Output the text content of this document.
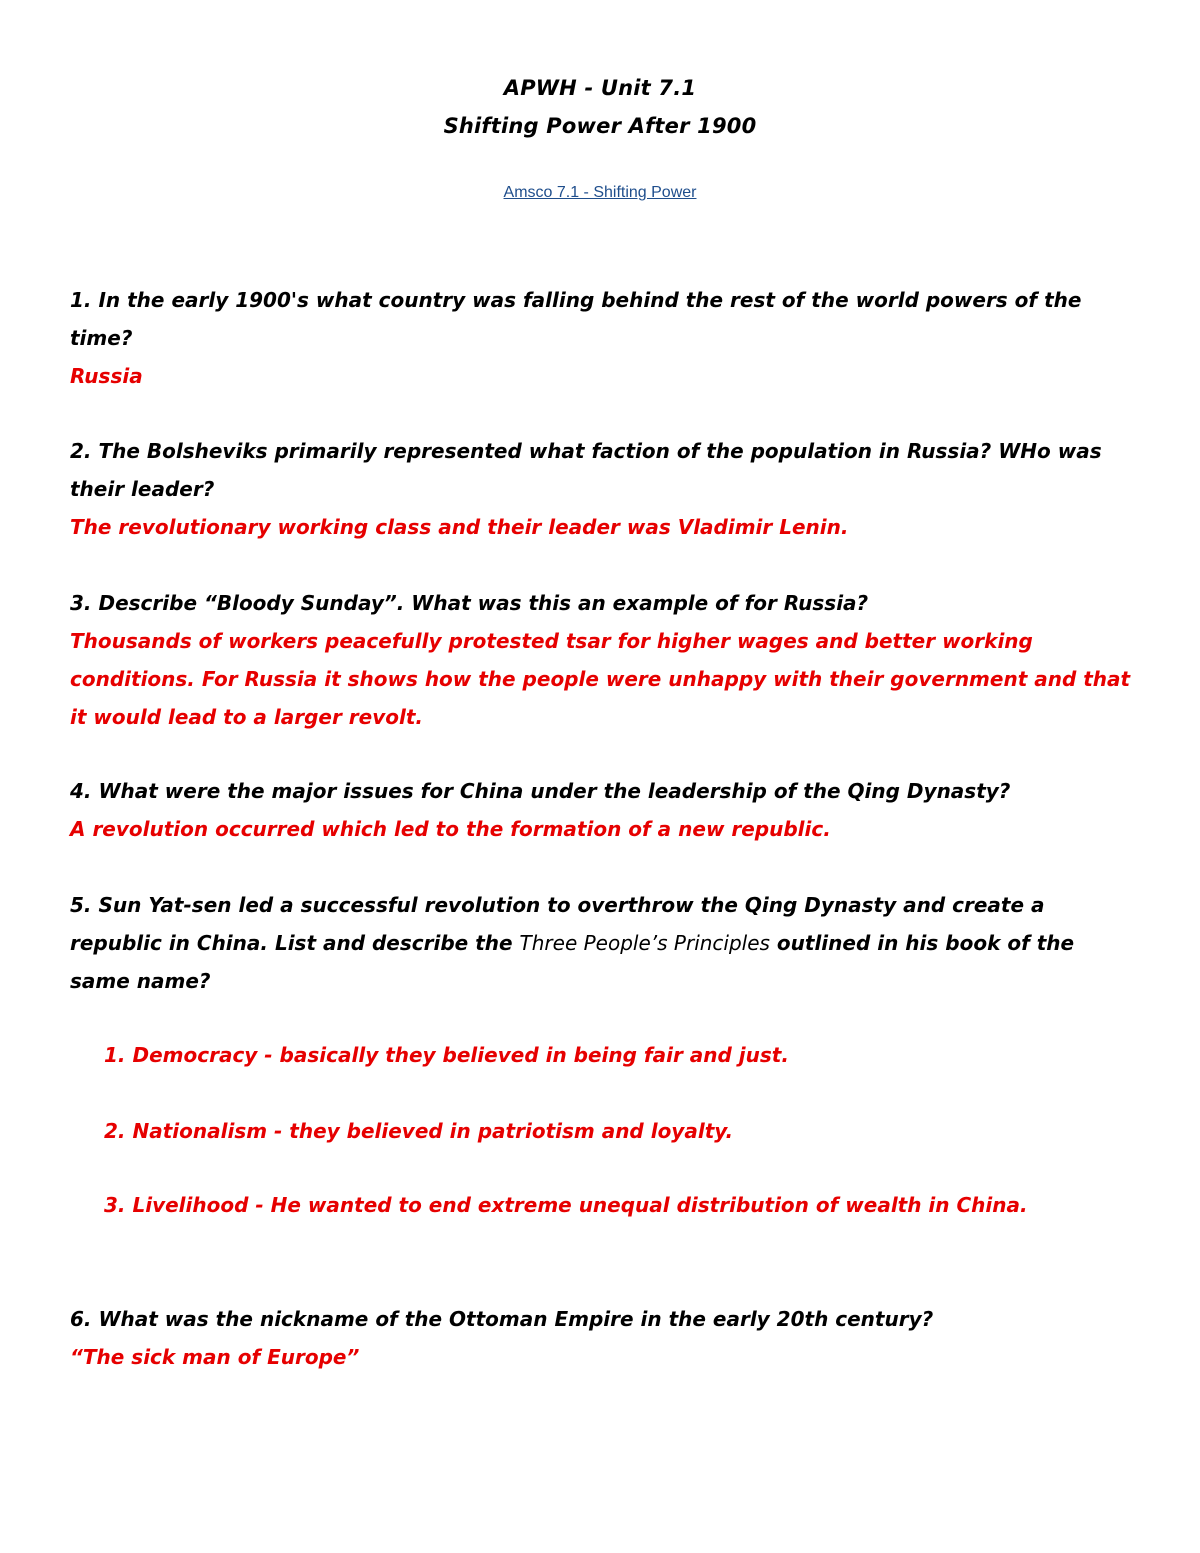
APWH - Unit 7.1
Shifting Power After 1900
Amsco 7.1 - Shifting Power
1. In the early 1900's what country was falling behind the rest of the world powers of the time?
Russia
2. The Bolsheviks primarily represented what faction of the population in Russia? WHo was their leader?
The revolutionary working class and their leader was Vladimir Lenin.
3. Describe “Bloody Sunday”. What was this an example of for Russia?
Thousands of workers peacefully protested tsar for higher wages and better working conditions. For Russia it shows how the people were unhappy with their government and that it would lead to a larger revolt.
4. What were the major issues for China under the leadership of the Qing Dynasty?
A revolution occurred which led to the formation of a new republic.
5. Sun Yat-sen led a successful revolution to overthrow the Qing Dynasty and create a republic in China. List and describe the Three People’s Principles outlined in his book of the same name?
1. Democracy - basically they believed in being fair and just.
2. Nationalism - they believed in patriotism and loyalty.
3. Livelihood - He wanted to end extreme unequal distribution of wealth in China.
6. What was the nickname of the Ottoman Empire in the early 20th century?
“The sick man of Europe”
